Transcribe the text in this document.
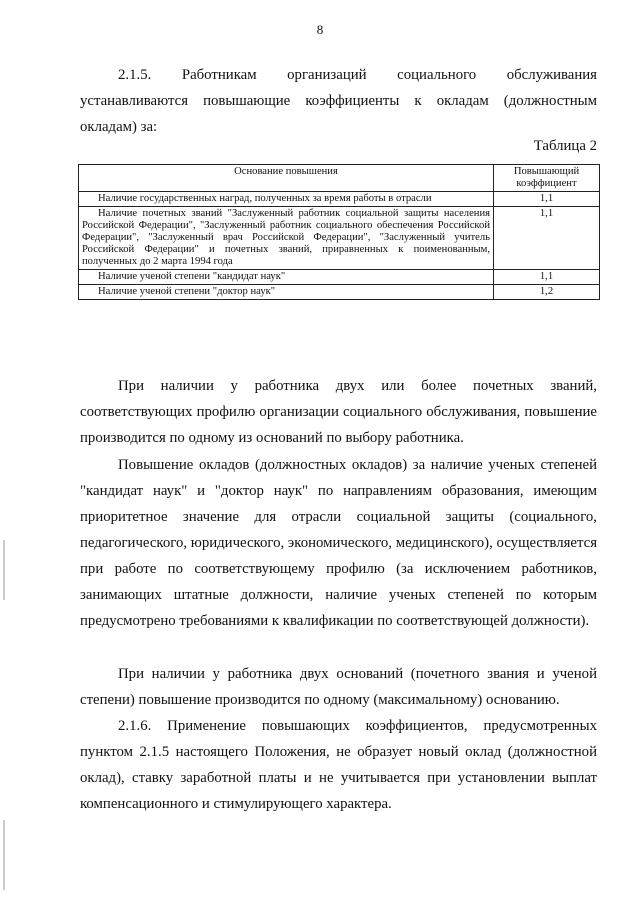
8
2.1.5. Работникам организаций социального обслуживания устанавливаются повышающие коэффициенты к окладам (должностным окладам) за:
Таблица 2
Основание повышения	Повышающий коэффициент
Наличие государственных наград, полученных за время работы в отрасли	1,1
Наличие почетных званий "Заслуженный работник социальной защиты населения Российской Федерации", "Заслуженный работник социального обеспечения Российской Федерации", "Заслуженный врач Российской Федерации", "Заслуженный учитель Российской Федерации" и почетных званий, приравненных к поименованным, полученных до 2 марта 1994 года	1,1
Наличие ученой степени "кандидат наук"	1,1
Наличие ученой степени "доктор наук"	1,2
При наличии у работника двух или более почетных званий, соответствующих профилю организации социального обслуживания, повышение производится по одному из оснований по выбору работника.
Повышение окладов (должностных окладов) за наличие ученых степеней "кандидат наук" и "доктор наук" по направлениям образования, имеющим приоритетное значение для отрасли социальной защиты (социального, педагогического, юридического, экономического, медицинского), осуществляется при работе по соответствующему профилю (за исключением работников, занимающих штатные должности, наличие ученых степеней по которым предусмотрено требованиями к квалификации по соответствующей должности).
При наличии у работника двух оснований (почетного звания и ученой степени) повышение производится по одному (максимальному) основанию.
2.1.6. Применение повышающих коэффициентов, предусмотренных пунктом 2.1.5 настоящего Положения, не образует новый оклад (должностной оклад), ставку заработной платы и не учитывается при установлении выплат компенсационного и стимулирующего характера.
